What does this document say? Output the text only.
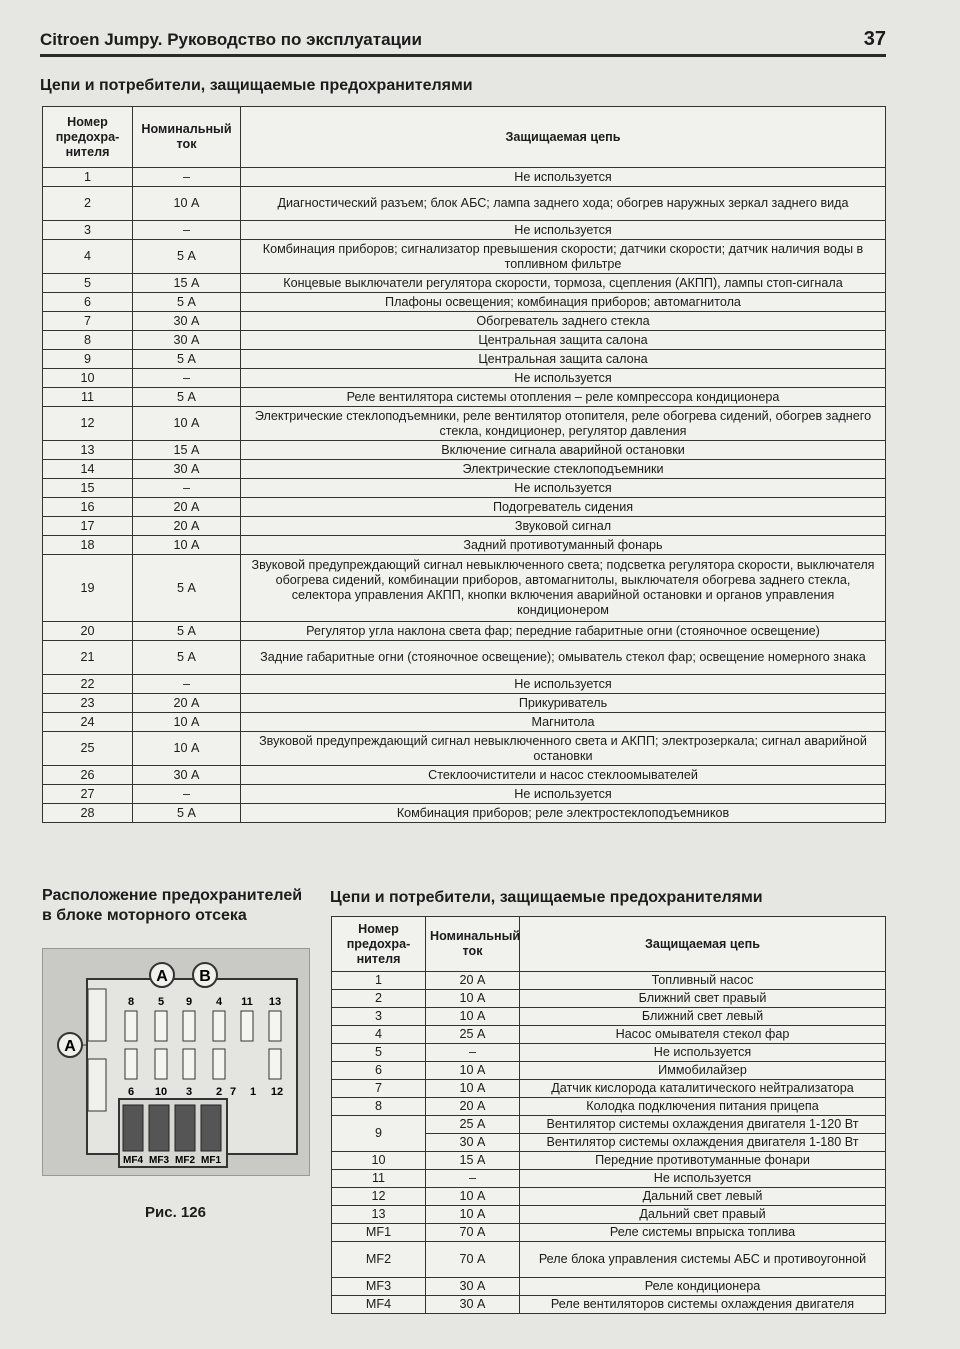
Citroen Jumpy. Руководство по эксплуатации	37
Цепи и потребители, защищаемые предохранителями
Номер предохра-нителя	Номинальный ток	Защищаемая цепь
1	–	Не используется
2	10 А	Диагностический разъем; блок АБС; лампа заднего хода; обогрев наружных зеркал заднего вида
3	–	Не используется
4	5 А	Комбинация приборов; сигнализатор превышения скорости; датчики скорости; датчик наличия воды в топливном фильтре
5	15 А	Концевые выключатели регулятора скорости, тормоза, сцепления (АКПП), лампы стоп-сигнала
6	5 А	Плафоны освещения; комбинация приборов; автомагнитола
7	30 А	Обогреватель заднего стекла
8	30 А	Центральная защита салона
9	5 А	Центральная защита салона
10	–	Не используется
11	5 А	Реле вентилятора системы отопления – реле компрессора кондиционера
12	10 А	Электрические стеклоподъемники, реле вентилятор отопителя, реле обогрева сидений, обогрев заднего стекла, кондиционер, регулятор давления
13	15 А	Включение сигнала аварийной остановки
14	30 А	Электрические стеклоподъемники
15	–	Не используется
16	20 А	Подогреватель сидения
17	20 А	Звуковой сигнал
18	10 А	Задний противотуманный фонарь
19	5 А	Звуковой предупреждающий сигнал невыключенного света; подсветка регулятора скорости, выключателя обогрева сидений, комбинации приборов, автомагнитолы, выключателя обогрева заднего стекла, селектора управления АКПП, кнопки включения аварийной остановки и органов управления кондиционером
20	5 А	Регулятор угла наклона света фар; передние габаритные огни (стояночное освещение)
21	5 А	Задние габаритные огни (стояночное освещение); омыватель стекол фар; освещение номерного знака
22	–	Не используется
23	20 А	Прикуриватель
24	10 А	Магнитола
25	10 А	Звуковой предупреждающий сигнал невыключенного света и АКПП; электрозеркала; сигнал аварийной остановки
26	30 А	Стеклоочистители и насос стеклоомывателей
27	–	Не используется
28	5 А	Комбинация приборов; реле электростеклоподъемников
Расположение предохранителей в блоке моторного отсека
A
A B
8 5 9 4 11 13
6 10 3 2 7 1 12
MF4 MF3 MF2 MF1
Рис. 126
Цепи и потребители, защищаемые предохранителями
Номер предохра-нителя	Номинальный ток	Защищаемая цепь
1	20 А	Топливный насос
2	10 А	Ближний свет правый
3	10 А	Ближний свет левый
4	25 А	Насос омывателя стекол фар
5	–	Не используется
6	10 А	Иммобилайзер
7	10 А	Датчик кислорода каталитического нейтрализатора
8	20 А	Колодка подключения питания прицепа
9	25 А	Вентилятор системы охлаждения двигателя 1-120 Вт
	30 А	Вентилятор системы охлаждения двигателя 1-180 Вт
10	15 А	Передние противотуманные фонари
11	–	Не используется
12	10 А	Дальний свет левый
13	10 А	Дальний свет правый
MF1	70 А	Реле системы впрыска топлива
MF2	70 А	Реле блока управления системы АБС и противоугонной
MF3	30 А	Реле кондиционера
MF4	30 А	Реле вентиляторов системы охлаждения двигателя
